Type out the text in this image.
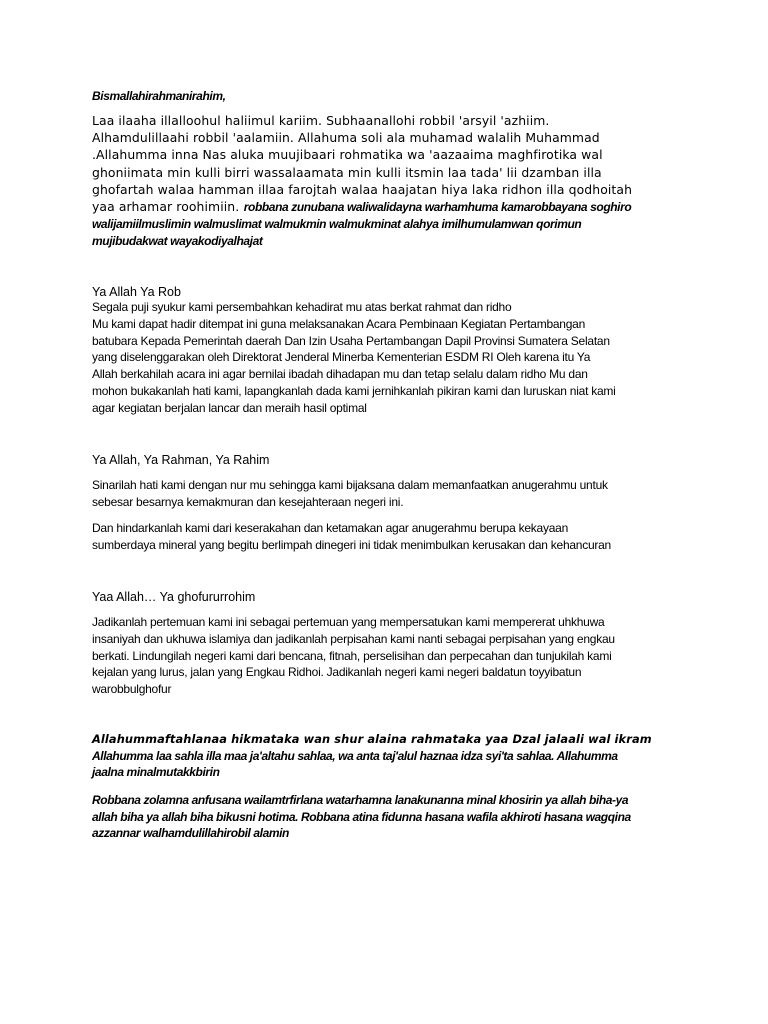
Bismallahirahmanirahim,

Laa ilaaha illalloohul haliimul kariim. Subhaanallohi robbil 'arsyil 'azhiim.
Alhamdulillaahi robbil 'aalamiin. Allahuma soli ala muhamad walalih Muhammad
.Allahumma inna Nas aluka muujibaari rohmatika wa 'aazaaima maghfirotika wal
ghoniimata min kulli birri wassalaamata min kulli itsmin laa tada' lii dzamban illa
ghofartah walaa hamman illaa farojtah walaa haajatan hiya laka ridhon illa qodhoitah
yaa arhamar roohimiin. robbana zunubana waliwalidayna warhamhuma kamarobbayana soghiro
walijamiilmuslimin walmuslimat walmukmin walmukminat alahya imilhumulamwan qorimun
mujibudakwat wayakodiyalhajat
Ya Allah Ya Rob
Segala puji syukur kami persembahkan kehadirat mu atas berkat rahmat dan ridho
Mu kami dapat hadir ditempat ini guna melaksanakan Acara Pembinaan Kegiatan Pertambangan
batubara Kepada Pemerintah daerah Dan Izin Usaha Pertambangan Dapil Provinsi Sumatera Selatan
yang diselenggarakan oleh Direktorat Jenderal Minerba Kementerian ESDM RI Oleh karena itu Ya
Allah berkahilah acara ini agar bernilai ibadah dihadapan mu dan tetap selalu dalam ridho Mu dan
mohon bukakanlah hati kami, lapangkanlah dada kami jernihkanlah pikiran kami dan luruskan niat kami
agar kegiatan berjalan lancar dan meraih hasil optimal
Ya Allah, Ya Rahman, Ya Rahim
Sinarilah hati kami dengan nur mu sehingga kami bijaksana dalam memanfaatkan anugerahmu untuk
sebesar besarnya kemakmuran dan kesejahteraan negeri ini.
Dan hindarkanlah kami dari keserakahan dan ketamakan agar anugerahmu berupa kekayaan
sumberdaya mineral yang begitu berlimpah dinegeri ini tidak menimbulkan kerusakan dan kehancuran
Yaa Allah… Ya ghofururrohim
Jadikanlah pertemuan kami ini sebagai pertemuan yang mempersatukan kami mempererat uhkhuwa
insaniyah dan ukhuwa islamiya dan jadikanlah perpisahan kami nanti sebagai perpisahan yang engkau
berkati. Lindungilah negeri kami dari bencana, fitnah, perselisihan dan perpecahan dan tunjukilah kami
kejalan yang lurus, jalan yang Engkau Ridhoi. Jadikanlah negeri kami negeri baldatun toyyibatun
warobbulghofur
Allahummaftahlanaa hikmataka wan shur alaina rahmataka yaa Dzal jalaali wal ikram
Allahumma laa sahla illa maa ja'altahu sahlaa, wa anta taj'alul haznaa idza syi'ta sahlaa. Allahumma
jaalna minalmutakkbirin
Robbana zolamna anfusana wailamtrfirlana watarhamna lanakunanna minal khosirin ya allah biha-ya
allah biha ya allah biha bikusni hotima. Robbana atina fidunna hasana wafila akhiroti hasana wagqina
azzannar walhamdulillahirobil alamin
